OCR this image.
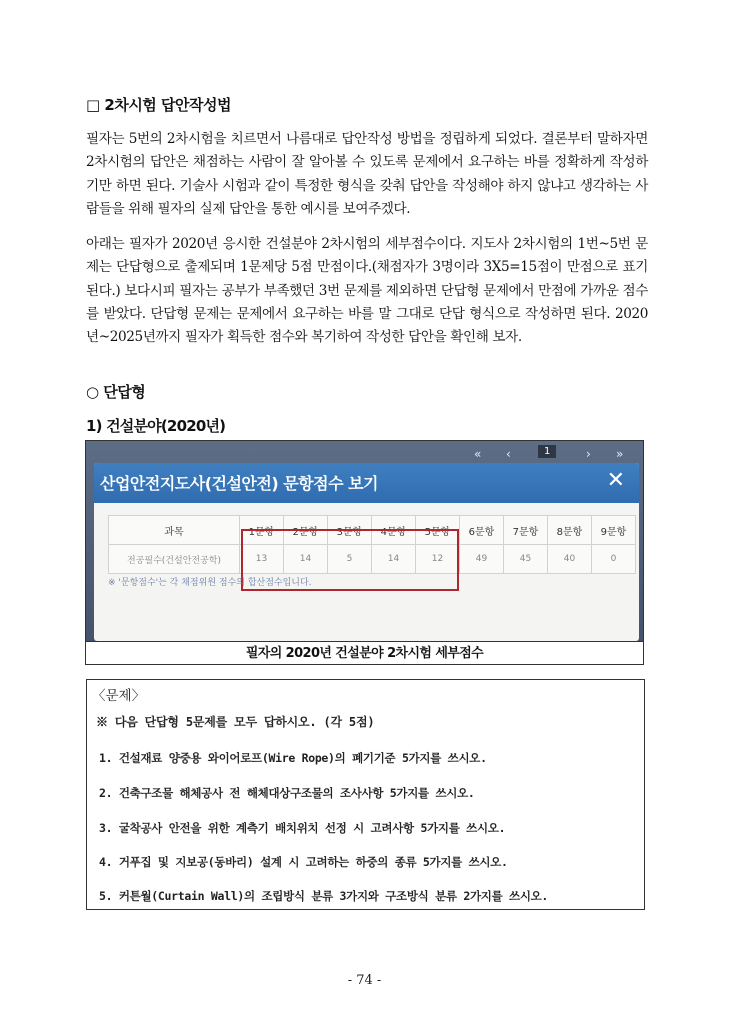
□ 2차시험 답안작성법
필자는 5번의 2차시험을 치르면서 나름대로 답안작성 방법을 정립하게 되었다. 결론부터 말하자면 2차시험의 답안은 채점하는 사람이 잘 알아볼 수 있도록 문제에서 요구하는 바를 정확하게 작성하기만 하면 된다. 기술사 시험과 같이 특정한 형식을 갖춰 답안을 작성해야 하지 않냐고 생각하는 사람들을 위해 필자의 실제 답안을 통한 예시를 보여주겠다.
아래는 필자가 2020년 응시한 건설분야 2차시험의 세부점수이다. 지도사 2차시험의 1번~5번 문제는 단답형으로 출제되며 1문제당 5점 만점이다.(채점자가 3명이라 3X5=15점이 만점으로 표기된다.) 보다시피 필자는 공부가 부족했던 3번 문제를 제외하면 단답형 문제에서 만점에 가까운 점수를 받았다. 단답형 문제는 문제에서 요구하는 바를 말 그대로 단답 형식으로 작성하면 된다. 2020년~2025년까지 필자가 획득한 점수와 복기하여 작성한 답안을 확인해 보자.
○ 단답형
1) 건설분야(2020년)
« ‹	1	› »
산업안전지도사(건설안전) 문항점수 보기	✕
과목	1문항	2문항	3문항	4문항	5문항	6문항	7문항	8문항	9문항
전공필수(건설안전공학)	13	14	5	14	12	49	45	40	0
※ '문항점수'는 각 채점위원 점수의 합산점수입니다.
필자의 2020년 건설분야 2차시험 세부점수
〈문제〉
※ 다음 단답형 5문제를 모두 답하시오. (각 5점)
1. 건설재료 양중용 와이어로프(Wire Rope)의 폐기기준 5가지를 쓰시오.
2. 건축구조물 해체공사 전 해체대상구조물의 조사사항 5가지를 쓰시오.
3. 굴착공사 안전을 위한 계측기 배치위치 선정 시 고려사항 5가지를 쓰시오.
4. 거푸집 및 지보공(동바리) 설계 시 고려하는 하중의 종류 5가지를 쓰시오.
5. 커튼월(Curtain Wall)의 조립방식 분류 3가지와 구조방식 분류 2가지를 쓰시오.
- 74 -
